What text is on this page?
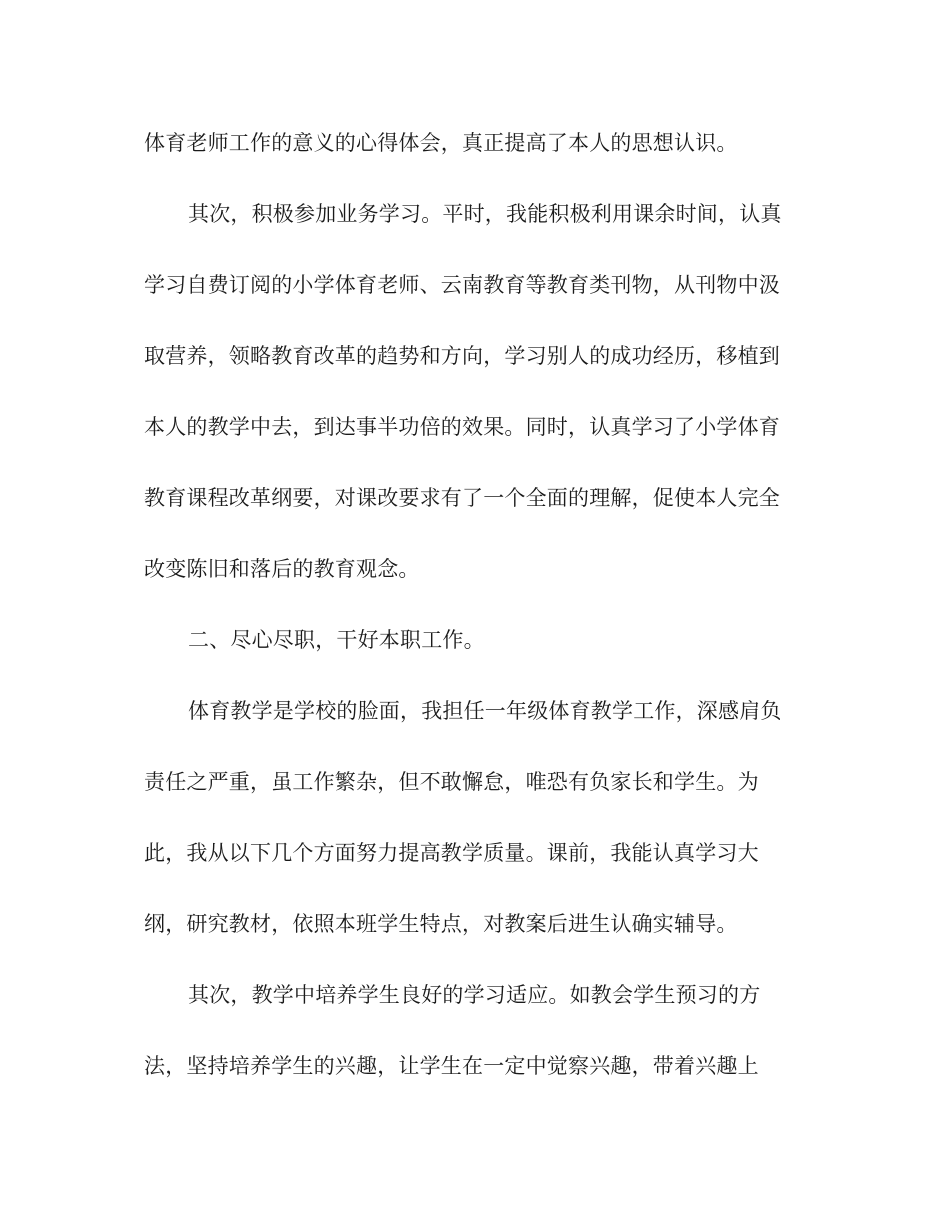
体育老师工作的意义的心得体会，真正提高了本人的思想认识。
其次，积极参加业务学习。平时，我能积极利用课余时间，认真
学习自费订阅的小学体育老师、云南教育等教育类刊物，从刊物中汲
取营养，领略教育改革的趋势和方向，学习别人的成功经历，移植到
本人的教学中去，到达事半功倍的效果。同时，认真学习了小学体育
教育课程改革纲要，对课改要求有了一个全面的理解，促使本人完全
改变陈旧和落后的教育观念。
二、尽心尽职，干好本职工作。
体育教学是学校的脸面，我担任一年级体育教学工作，深感肩负
责任之严重，虽工作繁杂，但不敢懈怠，唯恐有负家长和学生。为
此，我从以下几个方面努力提高教学质量。课前，我能认真学习大
纲，研究教材，依照本班学生特点，对教案后进生认确实辅导。
其次，教学中培养学生良好的学习适应。如教会学生预习的方
法，坚持培养学生的兴趣，让学生在一定中觉察兴趣，带着兴趣上
